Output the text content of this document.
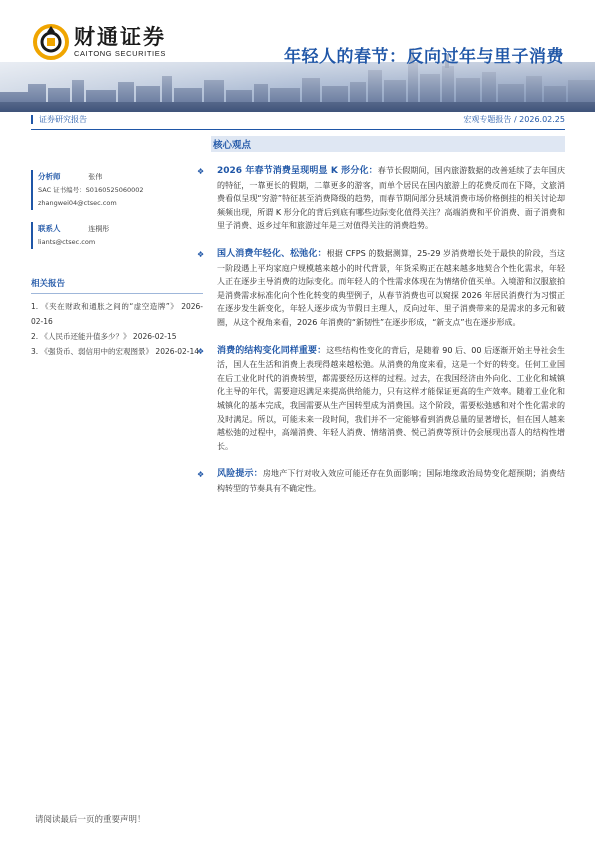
财通证券
CAITONG SECURITIES	年轻人的春节：反向过年与里子消费
证券研究报告	宏观专题报告 / 2026.02.25
分析师	张伟
SAC 证书编号：S0160525060002
zhangwei04@ctsec.com
联系人	连桐彤
liants@ctsec.com
相关报告
1. 《夹在财政和通胀之间的“虚空造牌”》 2026-02-16
2. 《人民币还能升值多少？》 2026-02-15
3. 《强货币、弱信用中的宏观图景》 2026-02-14
核心观点
❖ 2026 年春节消费呈现明显 K 形分化：春节长假期间，国内旅游数据的改善延续了去年国庆的特征，一靠更长的假期，二靠更多的游客，而单个居民在国内旅游上的花费反而在下降，文旅消费看似呈现“穷游”特征甚至消费降级的趋势，而春节期间部分县域消费市场价格倒挂的相关讨论却频频出现，所谓 K 形分化的背后到底有哪些边际变化值得关注？高端消费和平价消费、面子消费和里子消费、返乡过年和旅游过年是三对值得关注的消费趋势。

❖ 国人消费年轻化、松弛化：根据 CFPS 的数据测算，25-29 岁消费增长处于最快的阶段，当这一阶段遇上平均家庭户规模越来越小的时代背景，年货采购正在越来越多地契合个性化需求，年轻人正在逐步主导消费的边际变化。而年轻人的个性需求体现在为情绪价值买单。入境游和汉服旅拍是消费需求标准化向个性化转变的典型例子，从春节消费也可以窥探 2026 年居民消费行为习惯正在逐步发生新变化，年轻人逐步成为节假日主理人，反向过年、里子消费带来的是需求的多元和破圈，从这个视角来看，2026 年消费的“新韧性”在逐步形成，“新支点”也在逐步形成。

❖ 消费的结构变化同样重要：这些结构性变化的背后，是随着 90 后、00 后逐渐开始主导社会生活，国人在生活和消费上表现得越来越松弛。从消费的角度来看，这是一个好的转变。任何工业国在后工业化时代的消费转型，都需要经历这样的过程。过去，在我国经济由外向化、工业化和城镇化主导的年代，需要迎迟满足来提高供给能力，只有这样才能保证更高的生产效率。随着工业化和城镇化的基本完成，我国需要从生产国转型成为消费国。这个阶段，需要松弛感和对个性化需求的及时满足。所以，可能未来一段时间，我们并不一定能够看到消费总量的显著增长，但在国人越来越松弛的过程中，高端消费、年轻人消费、情绪消费、悦己消费等预计仍会展现出喜人的结构性增长。

❖ 风险提示：房地产下行对收入效应可能还存在负面影响；国际地缘政治局势变化超预期；消费结构转型的节奏具有不确定性。

请阅读最后一页的重要声明！
